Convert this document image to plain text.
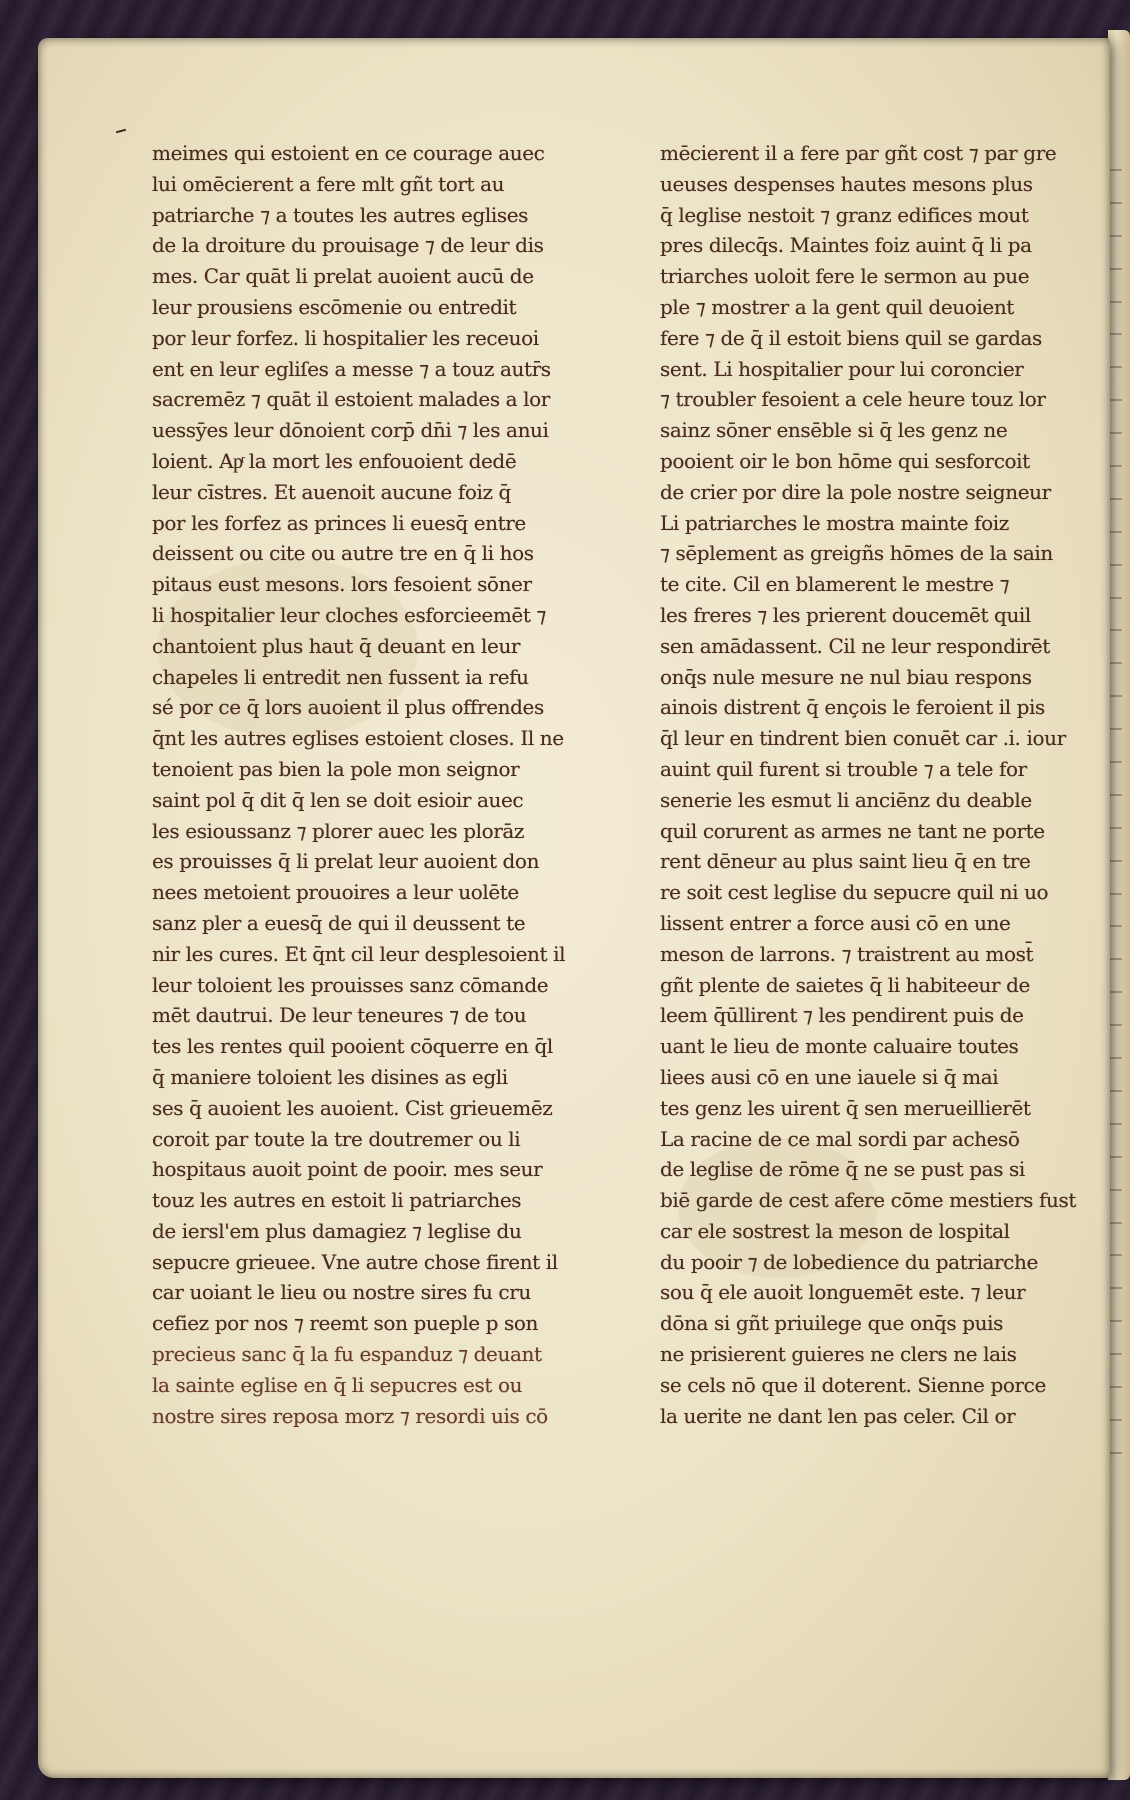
meimes qui estoient en ce courage auec
lui omēcierent a fere mlt gñt tort au
patriarche ⁊ a toutes les autres eglises
de la droiture du prouisage ⁊ de leur dis
mes. Car quāt li prelat auoient aucū de
leur prousiens escōmenie ou entredit
por leur forfez. li hospitalier les receuoi
ent en leur egliſes a messe ⁊ a touz autr̄s
sacremēz ⁊ quāt il estoient malades a lor
uessȳes leur dōnoient corp̄ dn̄i ⁊ les anui
loient. Apͬ la mort les enfouoient dedē
leur cīstres. Et auenoit aucune foiz q̄
por les forfez as princes li euesq̄ entre
deissent ou cite ou autre tre en q̄ li hos
pitaus eust mesons. lors fesoient sōner
li hospitalier leur cloches esforcieemēt ⁊
chantoient plus haut q̄ deuant en leur
chapeles li entredit nen fussent ia refu
sé por ce q̄ lors auoient il plus offrendes
q̄nt les autres eglises estoient closes. Il ne
tenoient pas bien la pole mon seignor
saint pol q̄ dit q̄ len se doit esioir auec
les esioussanz ⁊ plorer auec les plorāz
es prouisses q̄ li prelat leur auoient don
nees metoient prouoires a leur uolēte
sanz pler a euesq̄ de qui il deussent te
nir les cures. Et q̄nt cil leur desplesoient il
leur toloient les prouisses sanz cōmande
mēt dautrui. De leur teneures ⁊ de tou
tes les rentes quil pooient cōquerre en q̄l
q̄ maniere toloient les disines as egli
ses q̄ auoient les auoient. Cist grieuemēz
coroit par toute la tre doutremer ou li
hospitaus auoit point de pooir. mes seur
touz les autres en estoit li patriarches
de iersl'em plus damagiez ⁊ leglise du
sepucre grieuee. Vne autre chose firent il
car uoiant le lieu ou nostre sires fu cru
cefiez por nos ⁊ reemt son pueple p son
precieus sanc q̄ la fu espanduz ⁊ deuant
la sainte eglise en q̄ li sepucres est ou
nostre sires reposa morz ⁊ resordi uis cō
mēcierent il a fere par gñt cost ⁊ par gre
ueuses despenses hautes mesons plus
q̄ leglise nestoit ⁊ granz edifices mout
pres dilecq̄s. Maintes foiz auint q̄ li pa
triarches uoloit fere le sermon au pue
ple ⁊ mostrer a la gent quil deuoient
fere ⁊ de q̄ il estoit biens quil se gardas
sent. Li hospitalier pour lui coroncier
⁊ troubler fesoient a cele heure touz lor
sainz sōner ensēble si q̄ les genz ne
pooient oir le bon hōme qui sesforcoit
de crier por dire la pole nostre seigneur
Li patriarches le mostra mainte foiz
⁊ sēplement as greigñs hōmes de la sain
te cite. Cil en blamerent le mestre ⁊
les freres ⁊ les prierent doucemēt quil
sen amādassent. Cil ne leur respondirēt
onq̄s nule mesure ne nul biau respons
ainois distrent q̄ ençois le feroient il pis
q̄l leur en tindrent bien conuēt car .i. iour
auint quil furent si trouble ⁊ a tele for
senerie les esmut li anciēnz du deable
quil corurent as armes ne tant ne porte
rent dēneur au plus saint lieu q̄ en tre
re soit cest leglise du sepucre quil ni uo
lissent entrer a force ausi cō en une
meson de larrons. ⁊ traistrent au most̄
gñt plente de saietes q̄ li habiteeur de
leem q̄ūllirent ⁊ les pendirent puis de
uant le lieu de monte caluaire toutes
liees ausi cō en une iauele si q̄ mai
tes genz les uirent q̄ sen merueillierēt
La racine de ce mal sordi par achesō
de leglise de rōme q̄ ne se pust pas si
biē garde de cest afere cōme mestiers fust
car ele sostrest la meson de lospital
du pooir ⁊ de lobedience du patriarche
sou q̄ ele auoit longuemēt este. ⁊ leur
dōna si gñt priuilege que onq̄s puis
ne prisierent guieres ne clers ne lais
se cels nō que il doterent. Sienne porce
la uerite ne dant len pas celer. Cil or
